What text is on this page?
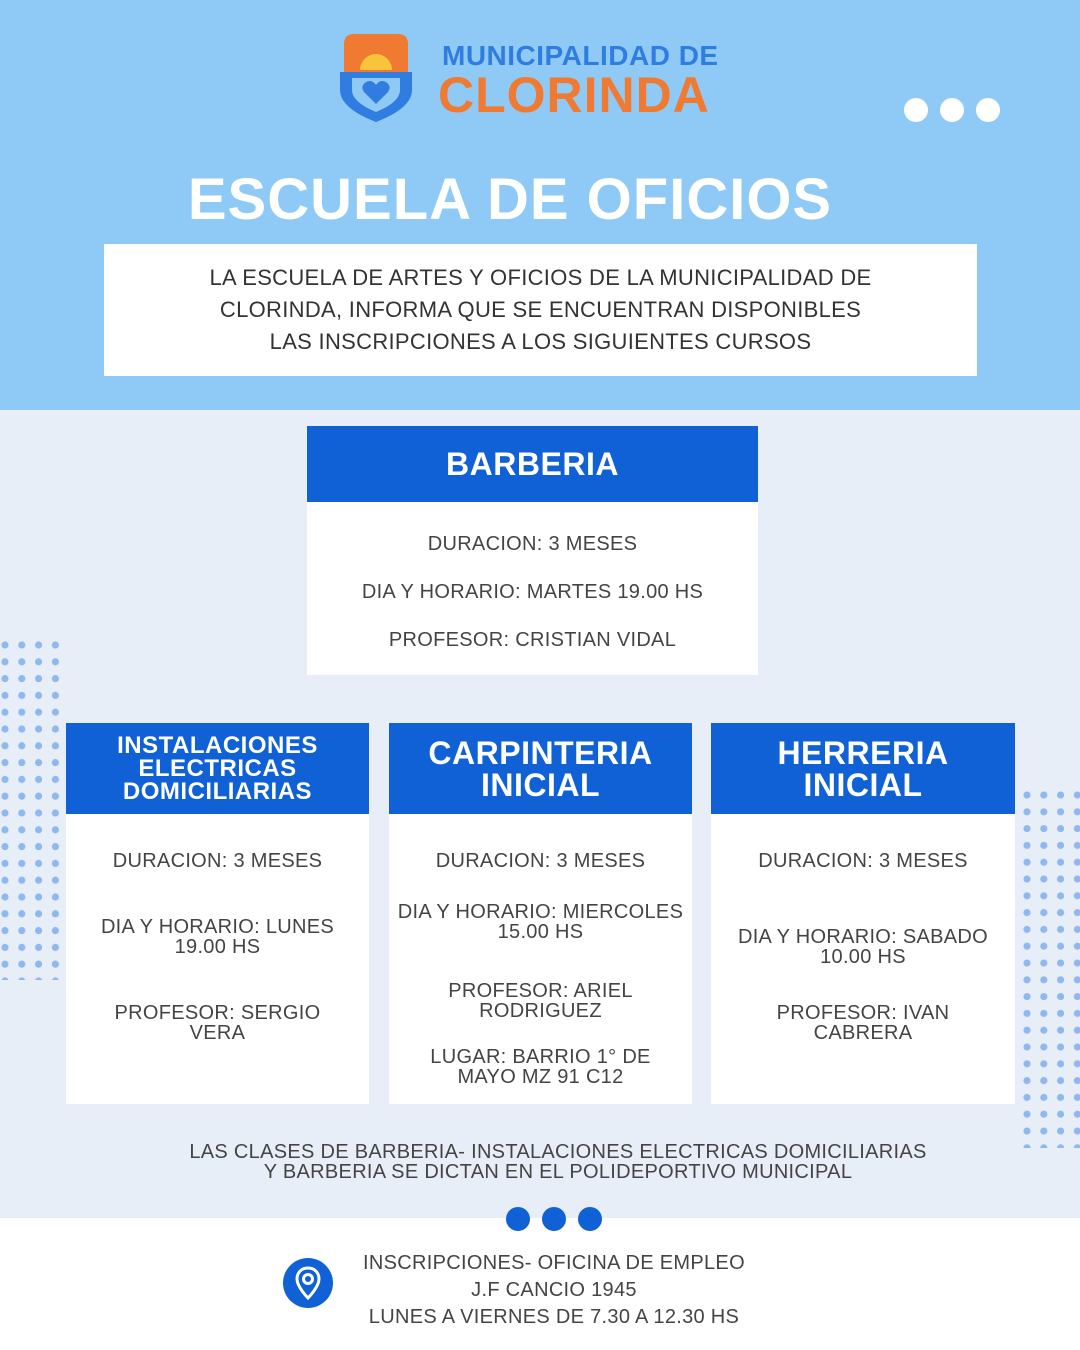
MUNICIPALIDAD DE
CLORINDA
ESCUELA DE OFICIOS

LA ESCUELA DE ARTES Y OFICIOS DE LA MUNICIPALIDAD DE
CLORINDA, INFORMA QUE SE ENCUENTRAN DISPONIBLES
LAS INSCRIPCIONES A LOS SIGUIENTES CURSOS

BARBERIA
DURACION: 3 MESES
DIA Y HORARIO: MARTES 19.00 HS
PROFESOR: CRISTIAN VIDAL
INSTALACIONES
ELECTRICAS
DOMICILIARIAS
DURACION: 3 MESES
DIA Y HORARIO: LUNES
19.00 HS
PROFESOR: SERGIO
VERA
CARPINTERIA
INICIAL
DURACION: 3 MESES
DIA Y HORARIO: MIERCOLES
15.00 HS
PROFESOR: ARIEL
RODRIGUEZ
LUGAR: BARRIO 1° DE
MAYO MZ 91 C12
HERRERIA
INICIAL
DURACION: 3 MESES
DIA Y HORARIO: SABADO
10.00 HS
PROFESOR: IVAN
CABRERA
LAS CLASES DE BARBERIA- INSTALACIONES ELECTRICAS DOMICILIARIAS
Y BARBERIA SE DICTAN EN EL POLIDEPORTIVO MUNICIPAL
INSCRIPCIONES- OFICINA DE EMPLEO
J.F CANCIO 1945
LUNES A VIERNES DE 7.30 A 12.30 HS
